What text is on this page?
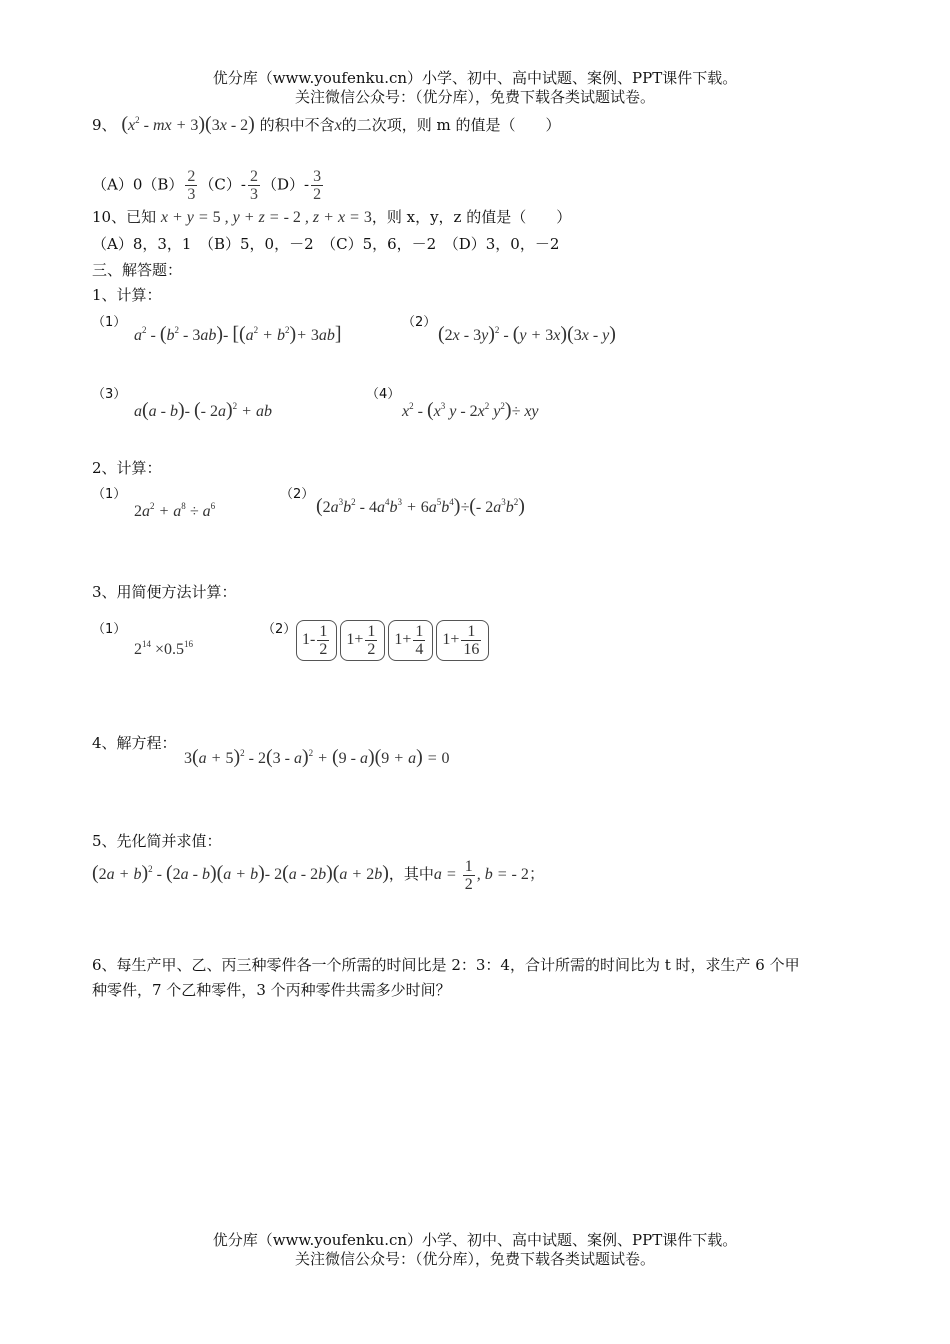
优分库（www.youfenku.cn）小学、初中、高中试题、案例、PPT课件下载。
关注微信公众号：（优分库），免费下载各类试题试卷。
9、 ($x^2$ - mx + 3)(3x - 2) 的积中不含x的二次项，则 m 的值是（　　）
$(A)0(B) \frac{2}{3} (C)- \frac{2}{3} (D)- \frac{3}{2}$
10、已知 x + y = 5 , y + z = - 2 , z + x = 3，则 x，y，z 的值是（　　）
（A）8，3，1　（B）5，0，－2　（C）5，6，－2　（D）3，0，－2
三、解答题：
1、计算：
（1）
$a^2 - (b^2 - 3ab)-$ $[(a^2 + b^2)+ 3ab]$
（2）
(2x - 3y)$^2$ - (y + 3x)(3x - y)
（3）
a(a - b)- (- 2a)$^2$ + ab
（4）
$x^2 - (x^3$ y - $2x^2$ $y^2)\div$ xy
2、计算：
（1）
$2a^2 + a^8 \div a^6$
（2）
$(2a^3b^2 - 4a^4b^3 + 6a^5b^4)\div(-$ $2a^3b^2$)
3、用简便方法计算：
（1）
$2^{14} \times 0.5^{16}$
（2）
$1- \frac{1}{2} 1+ \frac{1}{2} 1+ \frac{1}{4} 1+ \frac{1}{16}$
4、解方程：
$3(a + 5)^2 - 2(3 - a)^2 + (9 - a)(9 + a) = 0$
5、先化简并求值：
$(2a + b)^2 - (2a - b)(a + b)-$ 2(a - 2b)(a + 2b)，其中$a = \frac{1}{2}$ , b = - 2；
6、每生产甲、乙、丙三种零件各一个所需的时间比是 2：3：4，合计所需的时间比为 t 时，求生产 6 个甲
种零件，7 个乙种零件，3 个丙种零件共需多少时间？
优分库（www.youfenku.cn）小学、初中、高中试题、案例、PPT课件下载。
关注微信公众号：（优分库），免费下载各类试题试卷。
